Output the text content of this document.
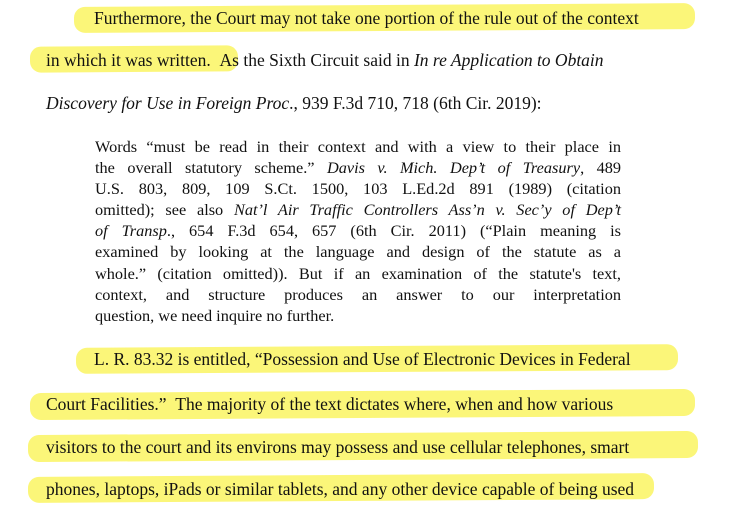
Furthermore, the Court may not take one portion of the rule out of the context
in which it was written. As the Sixth Circuit said in In re Application to Obtain
Discovery for Use in Foreign Proc., 939 F.3d 710, 718 (6th Cir. 2019):
Words “must be read in their context and with a view to their place in
the overall statutory scheme.” Davis v. Mich. Dep’t of Treasury, 489
U.S. 803, 809, 109 S.Ct. 1500, 103 L.Ed.2d 891 (1989) (citation
omitted); see also Nat’l Air Traffic Controllers Ass’n v. Sec’y of Dep’t
of Transp., 654 F.3d 654, 657 (6th Cir. 2011) (“Plain meaning is
examined by looking at the language and design of the statute as a
whole.” (citation omitted)). But if an examination of the statute's text,
context, and structure produces an answer to our interpretation
question, we need inquire no further.
L. R. 83.32 is entitled, “Possession and Use of Electronic Devices in Federal
Court Facilities.” The majority of the text dictates where, when and how various
visitors to the court and its environs may possess and use cellular telephones, smart
phones, laptops, iPads or similar tablets, and any other device capable of being used
